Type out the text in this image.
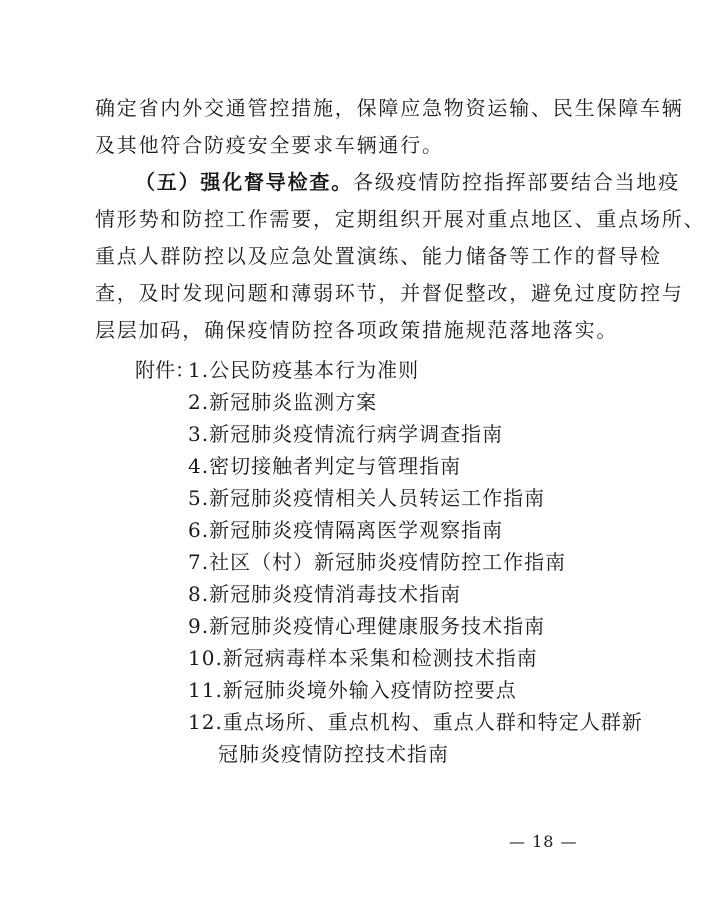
确定省内外交通管控措施，保障应急物资运输、民生保障车辆
及其他符合防疫安全要求车辆通行。
（五）强化督导检查。各级疫情防控指挥部要结合当地疫
情形势和防控工作需要，定期组织开展对重点地区、重点场所、
重点人群防控以及应急处置演练、能力储备等工作的督导检
查，及时发现问题和薄弱环节，并督促整改，避免过度防控与
层层加码，确保疫情防控各项政策措施规范落地落实。
附件：
1.公民防疫基本行为准则
2.新冠肺炎监测方案
3.新冠肺炎疫情流行病学调查指南
4.密切接触者判定与管理指南
5.新冠肺炎疫情相关人员转运工作指南
6.新冠肺炎疫情隔离医学观察指南
7.社区（村）新冠肺炎疫情防控工作指南
8.新冠肺炎疫情消毒技术指南
9.新冠肺炎疫情心理健康服务技术指南
10.新冠病毒样本采集和检测技术指南
11.新冠肺炎境外输入疫情防控要点
12.重点场所、重点机构、重点人群和特定人群新
冠肺炎疫情防控技术指南
— 18 —
